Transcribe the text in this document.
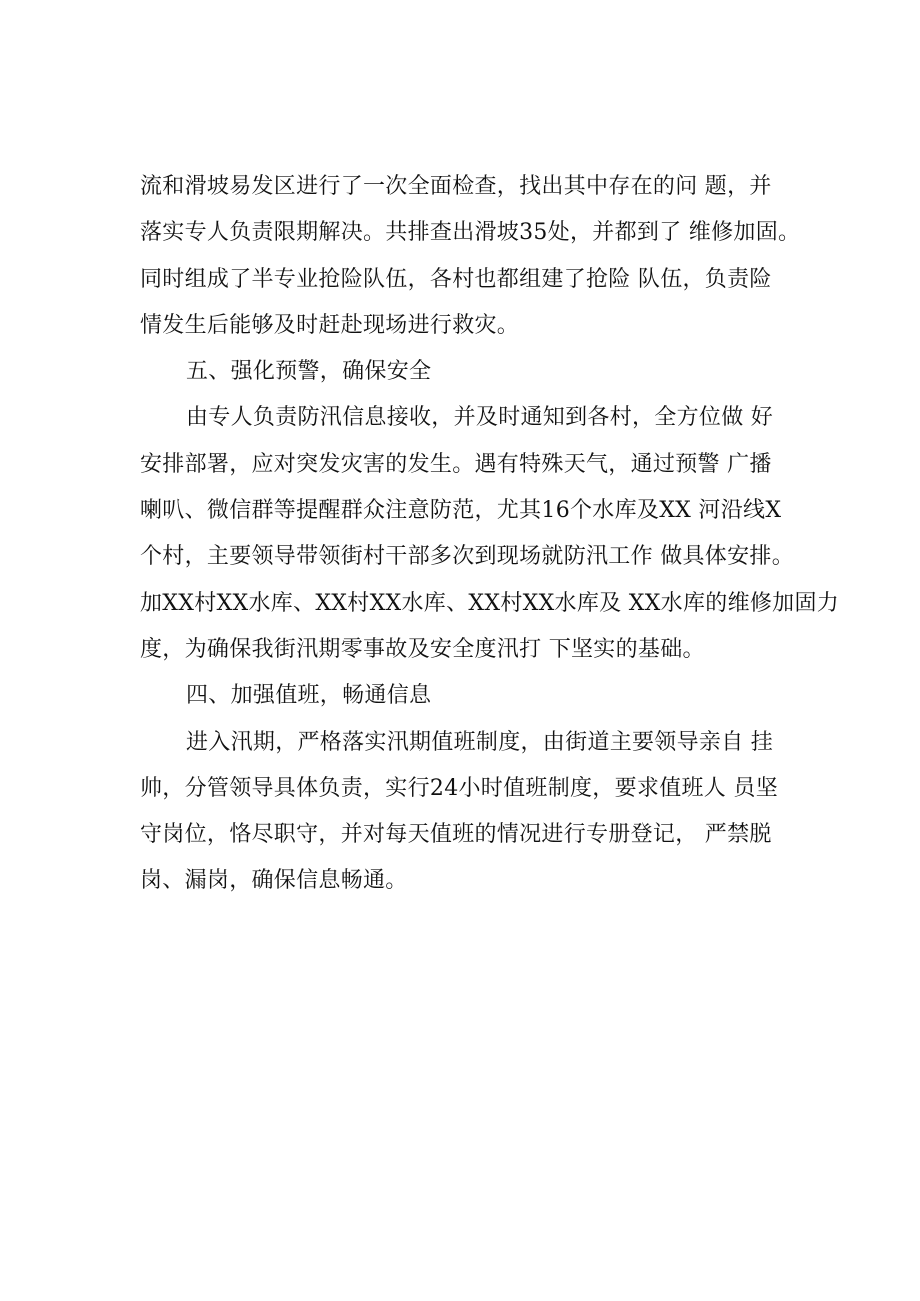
流和滑坡易发区进行了一次全面检查，找出其中存在的问 题，并
落实专人负责限期解决。共排查出滑坡35处，并都到了 维修加固。
同时组成了半专业抢险队伍，各村也都组建了抢险 队伍，负责险
情发生后能够及时赶赴现场进行救灾。
五、强化预警，确保安全
由专人负责防汛信息接收，并及时通知到各村，全方位做 好
安排部署，应对突发灾害的发生。遇有特殊天气，通过预警 广播
喇叭、微信群等提醒群众注意防范，尤其16个水库及XX 河沿线X
个村，主要领导带领街村干部多次到现场就防汛工作 做具体安排。
加XX村XX水库、XX村XX水库、XX村XX水库及 XX水库的维修加固力
度，为确保我街汛期零事故及安全度汛打 下坚实的基础。
四、加强值班，畅通信息
进入汛期，严格落实汛期值班制度，由街道主要领导亲自 挂
帅，分管领导具体负责，实行24小时值班制度，要求值班人 员坚
守岗位，恪尽职守，并对每天值班的情况进行专册登记， 严禁脱
岗、漏岗，确保信息畅通。
